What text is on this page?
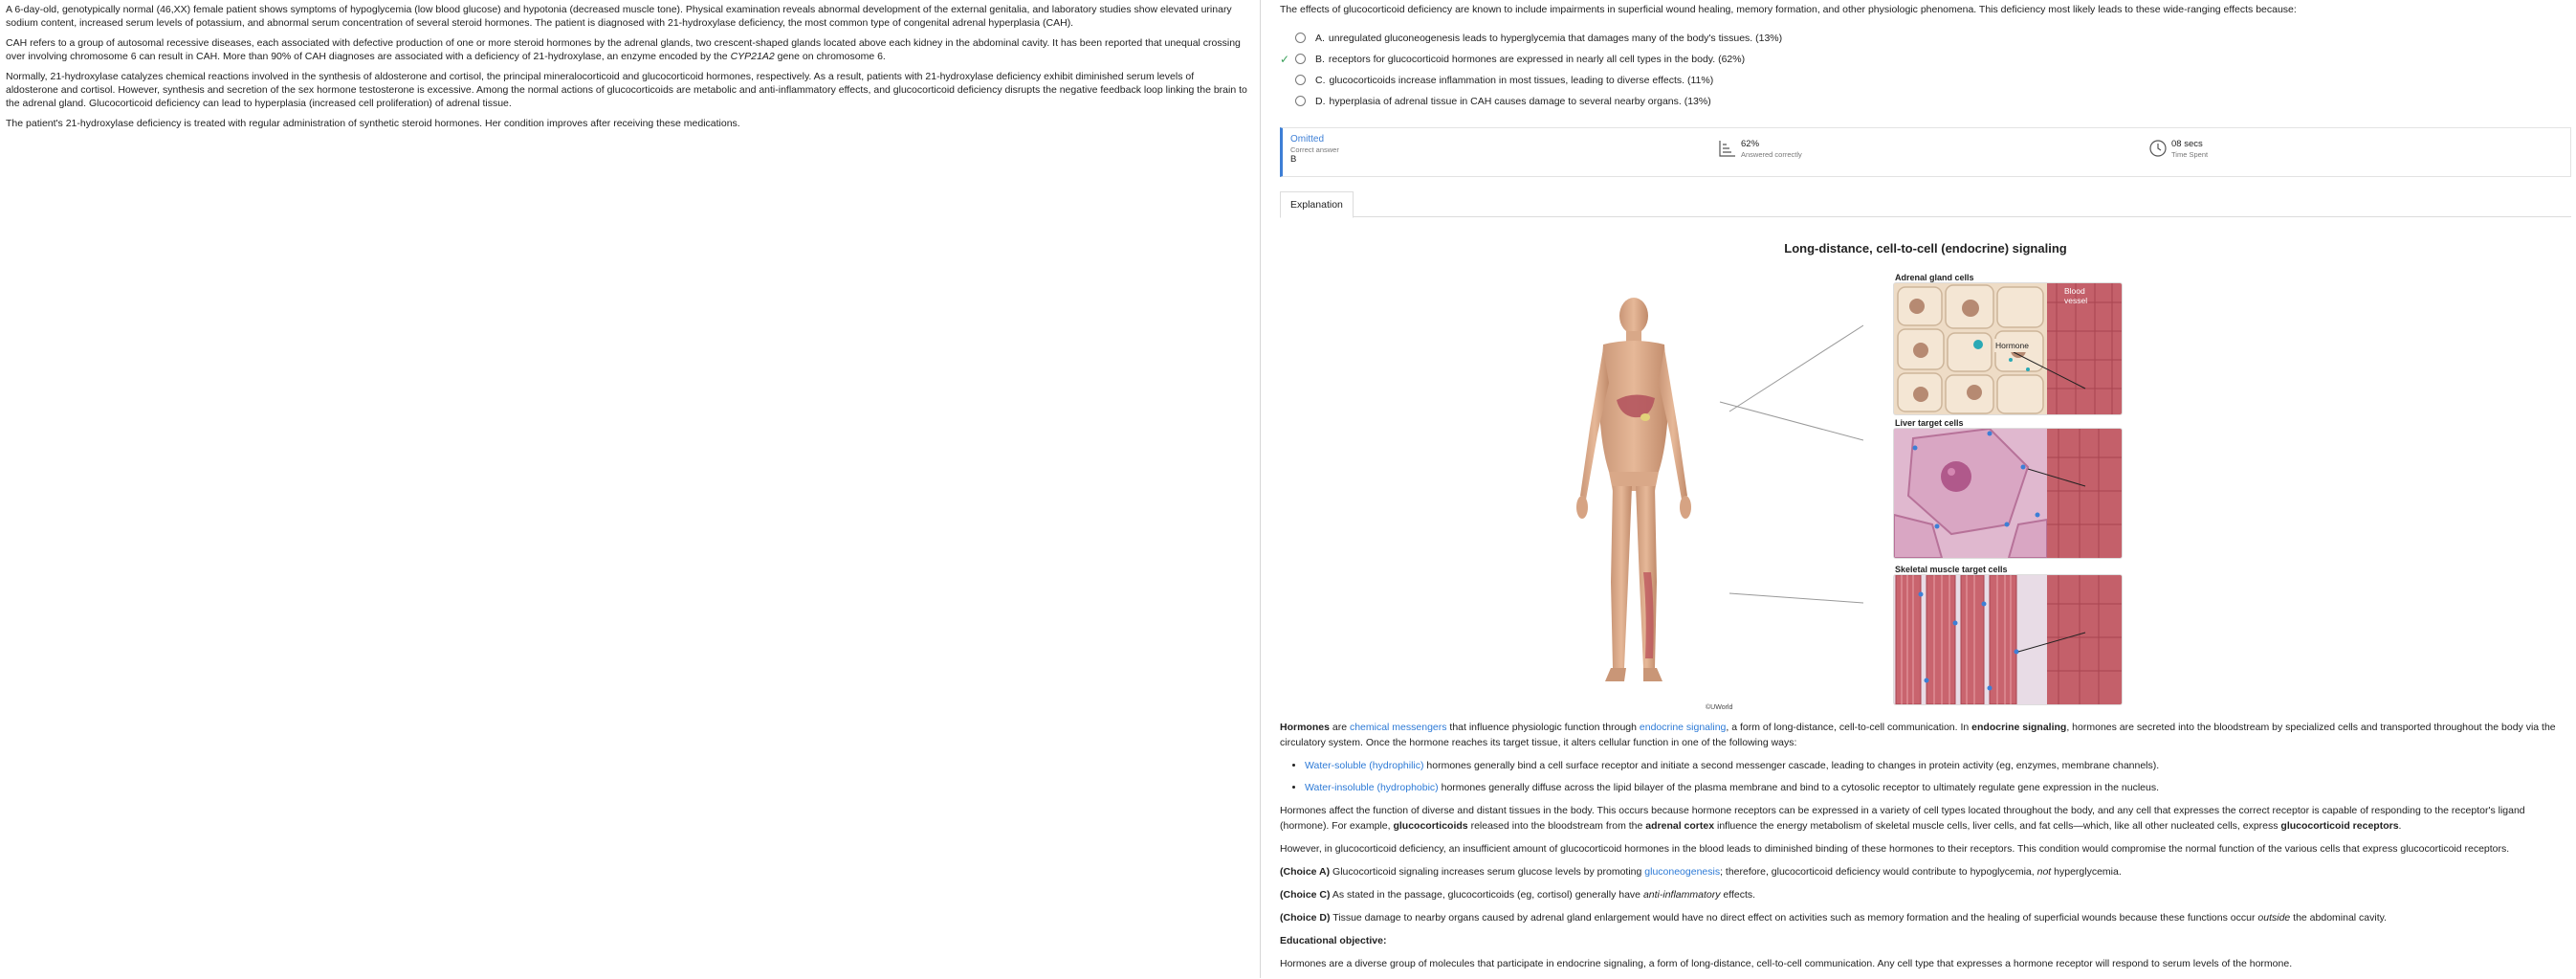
A 6-day-old, genotypically normal (46,XX) female patient shows symptoms of hypoglycemia (low blood glucose) and hypotonia (decreased muscle tone). Physical examination reveals abnormal development of the external genitalia, and laboratory studies show elevated urinary sodium content, increased serum levels of potassium, and abnormal serum concentration of several steroid hormones. The patient is diagnosed with 21-hydroxylase deficiency, the most common type of congenital adrenal hyperplasia (CAH).

CAH refers to a group of autosomal recessive diseases, each associated with defective production of one or more steroid hormones by the adrenal glands, two crescent-shaped glands located above each kidney in the abdominal cavity. It has been reported that unequal crossing over involving chromosome 6 can result in CAH. More than 90% of CAH diagnoses are associated with a deficiency of 21-hydroxylase, an enzyme encoded by the CYP21A2 gene on chromosome 6.

Normally, 21-hydroxylase catalyzes chemical reactions involved in the synthesis of aldosterone and cortisol, the principal mineralocorticoid and glucocorticoid hormones, respectively. As a result, patients with 21-hydroxylase deficiency exhibit diminished serum levels of aldosterone and cortisol. However, synthesis and secretion of the sex hormone testosterone is excessive. Among the normal actions of glucocorticoids are metabolic and anti-inflammatory effects, and glucocorticoid deficiency disrupts the negative feedback loop linking the brain to the adrenal gland. Glucocorticoid deficiency can lead to hyperplasia (increased cell proliferation) of adrenal tissue.

The patient's 21-hydroxylase deficiency is treated with regular administration of synthetic steroid hormones. Her condition improves after receiving these medications.

The effects of glucocorticoid deficiency are known to include impairments in superficial wound healing, memory formation, and other physiologic phenomena. This deficiency most likely leads to these wide-ranging effects because:
A. unregulated gluconeogenesis leads to hyperglycemia that damages many of the body's tissues. (13%)
✓	B. receptors for glucocorticoid hormones are expressed in nearly all cell types in the body. (62%)
C. glucocorticoids increase inflammation in most tissues, leading to diverse effects. (11%)
D. hyperplasia of adrenal tissue in CAH causes damage to several nearby organs. (13%)
Omitted
Correct answer
B
62%
Answered correctly
08 secs
Time Spent
Explanation
Long-distance, cell-to-cell (endocrine) signaling
Adrenal gland cells
Hormone
Blood
vessel
Liver target cells
Skeletal muscle target cells
©UWorld

Hormones are chemical messengers that influence physiologic function through endocrine signaling, a form of long-distance, cell-to-cell communication. In endocrine signaling, hormones are secreted into the bloodstream by specialized cells and transported throughout the body via the circulatory system. Once the hormone reaches its target tissue, it alters cellular function in one of the following ways:

• Water-soluble (hydrophilic) hormones generally bind a cell surface receptor and initiate a second messenger cascade, leading to changes in protein activity (eg, enzymes, membrane channels).
• Water-insoluble (hydrophobic) hormones generally diffuse across the lipid bilayer of the plasma membrane and bind to a cytosolic receptor to ultimately regulate gene expression in the nucleus.

Hormones affect the function of diverse and distant tissues in the body. This occurs because hormone receptors can be expressed in a variety of cell types located throughout the body, and any cell that expresses the correct receptor is capable of responding to the receptor's ligand (hormone). For example, glucocorticoids released into the bloodstream from the adrenal cortex influence the energy metabolism of skeletal muscle cells, liver cells, and fat cells—which, like all other nucleated cells, express glucocorticoid receptors.

However, in glucocorticoid deficiency, an insufficient amount of glucocorticoid hormones in the blood leads to diminished binding of these hormones to their receptors. This condition would compromise the normal function of the various cells that express glucocorticoid receptors.

(Choice A) Glucocorticoid signaling increases serum glucose levels by promoting gluconeogenesis; therefore, glucocorticoid deficiency would contribute to hypoglycemia, not hyperglycemia.

(Choice C) As stated in the passage, glucocorticoids (eg, cortisol) generally have anti-inflammatory effects.

(Choice D) Tissue damage to nearby organs caused by adrenal gland enlargement would have no direct effect on activities such as memory formation and the healing of superficial wounds because these functions occur outside the abdominal cavity.

Educational objective:

Hormones are a diverse group of molecules that participate in endocrine signaling, a form of long-distance, cell-to-cell communication. Any cell type that expresses a hormone receptor will respond to serum levels of the hormone.
